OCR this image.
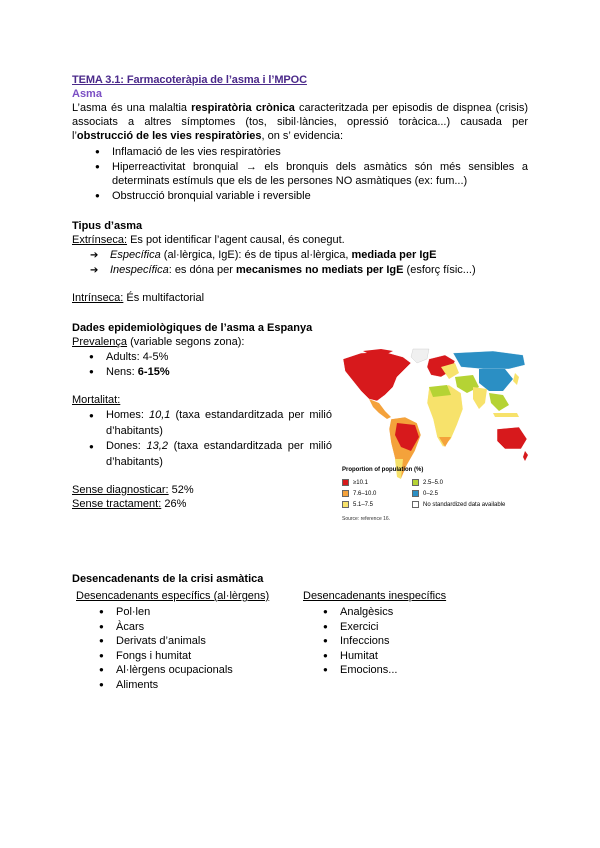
TEMA 3.1: Farmacoteràpia de l’asma i l’MPOC
Asma
L’asma és una malaltia respiratòria crònica caracteritzada per episodis de dispnea (crisis) associats a altres símptomes (tos, sibil·làncies, opressió toràcica...) causada per l’obstrucció de les vies respiratòries, on s’ evidencia:
● Inflamació de les vies respiratòries
● Hiperreactivitat bronquial → els bronquis dels asmàtics són més sensibles a determinats estímuls que els de les persones NO asmàtiques (ex: fum...)
● Obstrucció bronquial variable i reversible
Tipus d’asma
Extrínseca: Es pot identificar l’agent causal, és conegut.
➔ Específica (al·lèrgica, IgE): és de tipus al·lèrgica, mediada per IgE
➔ Inespecífica: es dóna per mecanismes no mediats per IgE (esforç físic...)
Intrínseca: És multifactorial
Dades epidemiològiques de l’asma a Espanya
Prevalença (variable segons zona):
● Adults: 4-5%
● Nens: 6-15%
Mortalitat:
● Homes: 10,1 (taxa estandarditzada per milió d’habitants)
● Dones: 13,2 (taxa estandarditzada per milió d’habitants)
Sense diagnosticar: 52%
Sense tractament: 26%
Proportion of population (%)
≥10.1
7.6–10.0
5.1–7.5
2.5–5.0
0–2.5
No standardized data available
Source: reference 16.
Desencadenants de la crisi asmàtica
Desencadenants específics (al·lèrgens)
● Pol·len
● Àcars
● Derivats d’animals
● Fongs i humitat
● Al·lèrgens ocupacionals
● Aliments
Desencadenants inespecífics
● Analgèsics
● Exercici
● Infeccions
● Humitat
● Emocions...
